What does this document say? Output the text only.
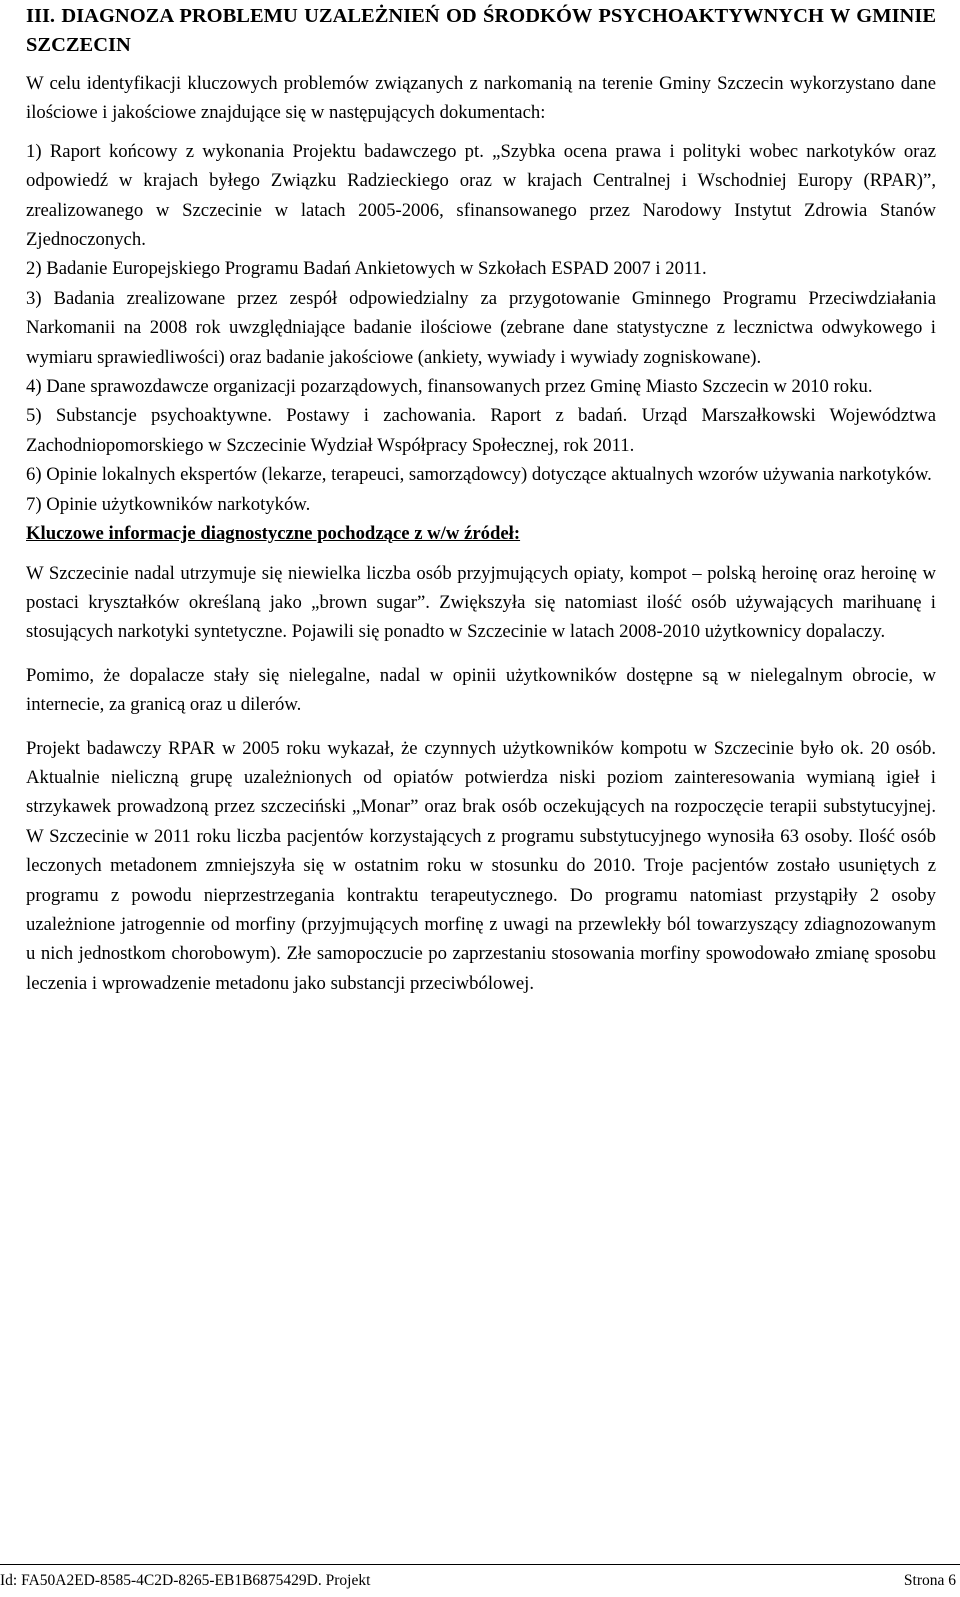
III. DIAGNOZA PROBLEMU UZALEŻNIEŃ OD ŚRODKÓW PSYCHOAKTYWNYCH W GMINIE SZCZECIN

W celu identyfikacji kluczowych problemów związanych z narkomanią na terenie Gminy Szczecin wykorzystano dane ilościowe i jakościowe znajdujące się w następujących dokumentach:

1) Raport końcowy z wykonania Projektu badawczego pt. „Szybka ocena prawa i polityki wobec narkotyków oraz odpowiedź w krajach byłego Związku Radzieckiego oraz w krajach Centralnej i Wschodniej Europy (RPAR)”, zrealizowanego w Szczecinie w latach 2005-2006, sfinansowanego przez Narodowy Instytut Zdrowia Stanów Zjednoczonych.
2) Badanie Europejskiego Programu Badań Ankietowych w Szkołach ESPAD 2007 i 2011.
3) Badania zrealizowane przez zespół odpowiedzialny za przygotowanie Gminnego Programu Przeciwdziałania Narkomanii na 2008 rok uwzględniające badanie ilościowe (zebrane dane statystyczne z lecznictwa odwykowego i wymiaru sprawiedliwości) oraz badanie jakościowe (ankiety, wywiady i wywiady zogniskowane).
4) Dane sprawozdawcze organizacji pozarządowych, finansowanych przez Gminę Miasto Szczecin w 2010 roku.
5) Substancje psychoaktywne. Postawy i zachowania. Raport z badań. Urząd Marszałkowski Województwa Zachodniopomorskiego w Szczecinie Wydział Współpracy Społecznej, rok 2011.
6) Opinie lokalnych ekspertów (lekarze, terapeuci, samorządowcy) dotyczące aktualnych wzorów używania narkotyków.
7) Opinie użytkowników narkotyków.
Kluczowe informacje diagnostyczne pochodzące z w/w źródeł:

W Szczecinie nadal utrzymuje się niewielka liczba osób przyjmujących opiaty, kompot – polską heroinę oraz heroinę w postaci kryształków określaną jako „brown sugar”. Zwiększyła się natomiast ilość osób używających marihuanę i stosujących narkotyki syntetyczne. Pojawili się ponadto w Szczecinie w latach 2008-2010 użytkownicy dopalaczy.

Pomimo, że dopalacze stały się nielegalne, nadal w opinii użytkowników dostępne są w nielegalnym obrocie, w internecie, za granicą oraz u dilerów.

Projekt badawczy RPAR w 2005 roku wykazał, że czynnych użytkowników kompotu w Szczecinie było ok. 20 osób. Aktualnie nieliczną grupę uzależnionych od opiatów potwierdza niski poziom zainteresowania wymianą igieł i strzykawek prowadzoną przez szczeciński „Monar” oraz brak osób oczekujących na rozpoczęcie terapii substytucyjnej. W Szczecinie w 2011 roku liczba pacjentów korzystających z programu substytucyjnego wynosiła 63 osoby. Ilość osób leczonych metadonem zmniejszyła się w ostatnim roku w stosunku do 2010. Troje pacjentów zostało usuniętych z programu z powodu nieprzestrzegania kontraktu terapeutycznego. Do programu natomiast przystąpiły 2 osoby uzależnione jatrogennie od morfiny (przyjmujących morfinę z uwagi na przewlekły ból towarzyszący zdiagnozowanym u nich jednostkom chorobowym). Złe samopoczucie po zaprzestaniu stosowania morfiny spowodowało zmianę sposobu leczenia i wprowadzenie metadonu jako substancji przeciwbólowej.

Id: FA50A2ED-8585-4C2D-8265-EB1B6875429D. Projekt	Strona 6
